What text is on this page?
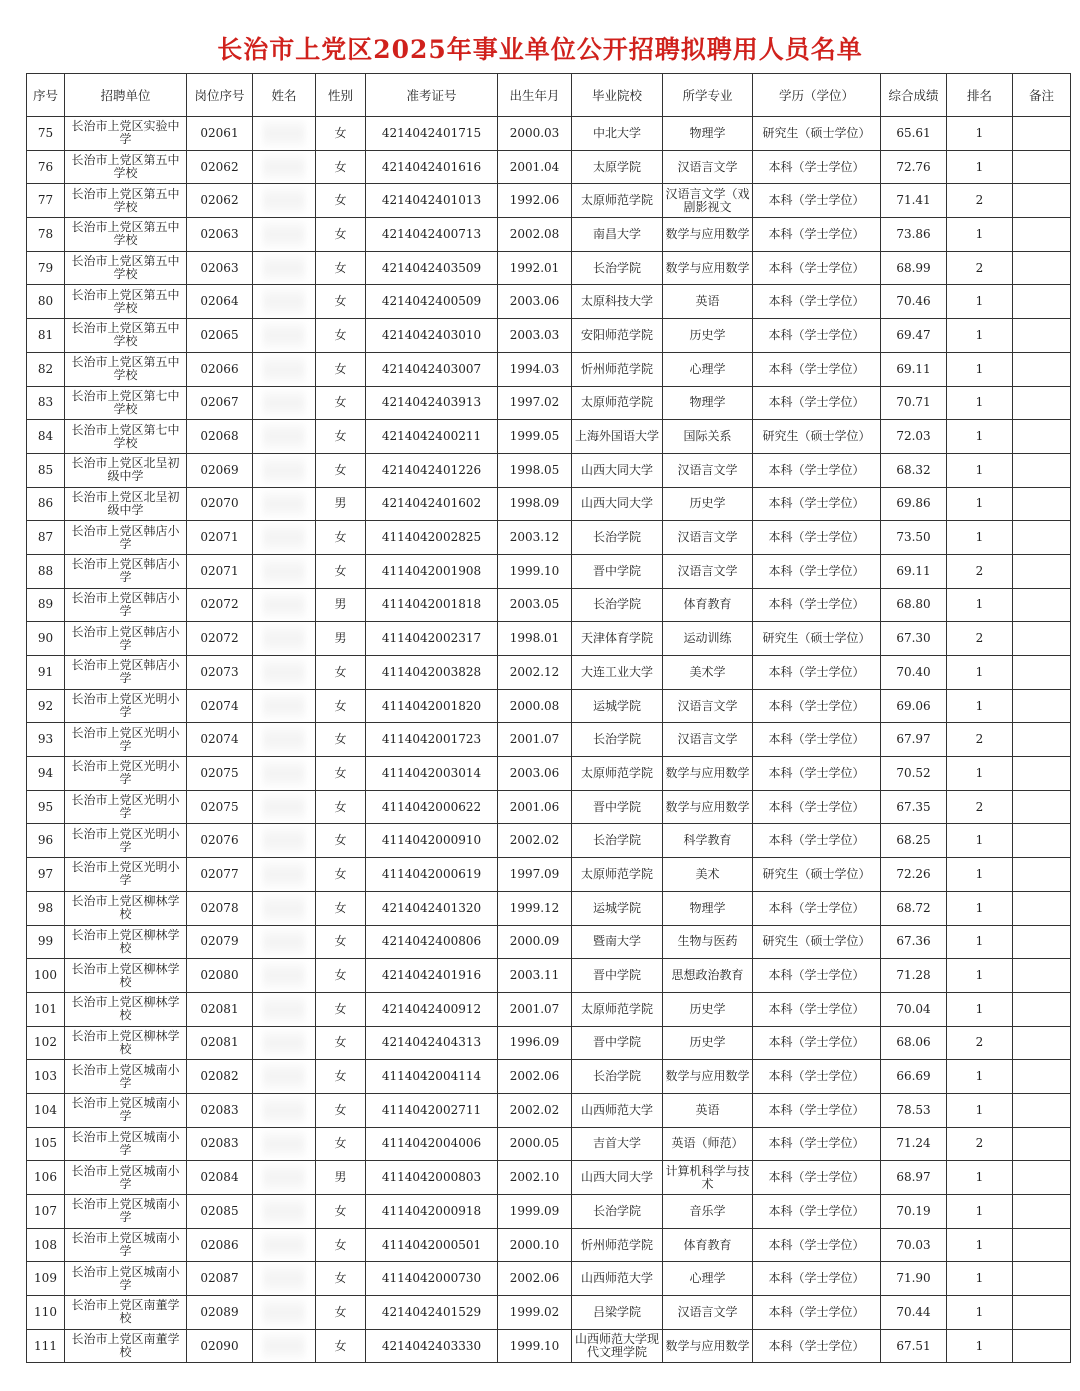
长治市上党区2025年事业单位公开招聘拟聘用人员名单
序号	招聘单位	岗位序号	姓名	性别	准考证号	出生年月	毕业院校	所学专业	学历（学位）	综合成绩	排名	备注
75	长治市上党区实验中学	02061		女	4214042401715	2000.03	中北大学	物理学	研究生（硕士学位）	65.61	1	
76	长治市上党区第五中学校	02062		女	4214042401616	2001.04	太原学院	汉语言文学	本科（学士学位）	72.76	1	
77	长治市上党区第五中学校	02062		女	4214042401013	1992.06	太原师范学院	汉语言文学（戏剧影视文	本科（学士学位）	71.41	2	
78	长治市上党区第五中学校	02063		女	4214042400713	2002.08	南昌大学	数学与应用数学	本科（学士学位）	73.86	1	
79	长治市上党区第五中学校	02063		女	4214042403509	1992.01	长治学院	数学与应用数学	本科（学士学位）	68.99	2	
80	长治市上党区第五中学校	02064		女	4214042400509	2003.06	太原科技大学	英语	本科（学士学位）	70.46	1	
81	长治市上党区第五中学校	02065		女	4214042403010	2003.03	安阳师范学院	历史学	本科（学士学位）	69.47	1	
82	长治市上党区第五中学校	02066		女	4214042403007	1994.03	忻州师范学院	心理学	本科（学士学位）	69.11	1	
83	长治市上党区第七中学校	02067		女	4214042403913	1997.02	太原师范学院	物理学	本科（学士学位）	70.71	1	
84	长治市上党区第七中学校	02068		女	4214042400211	1999.05	上海外国语大学	国际关系	研究生（硕士学位）	72.03	1	
85	长治市上党区北呈初级中学	02069		女	4214042401226	1998.05	山西大同大学	汉语言文学	本科（学士学位）	68.32	1	
86	长治市上党区北呈初级中学	02070		男	4214042401602	1998.09	山西大同大学	历史学	本科（学士学位）	69.86	1	
87	长治市上党区韩店小学	02071		女	4114042002825	2003.12	长治学院	汉语言文学	本科（学士学位）	73.50	1	
88	长治市上党区韩店小学	02071		女	4114042001908	1999.10	晋中学院	汉语言文学	本科（学士学位）	69.11	2	
89	长治市上党区韩店小学	02072		男	4114042001818	2003.05	长治学院	体育教育	本科（学士学位）	68.80	1	
90	长治市上党区韩店小学	02072		男	4114042002317	1998.01	天津体育学院	运动训练	研究生（硕士学位）	67.30	2	
91	长治市上党区韩店小学	02073		女	4114042003828	2002.12	大连工业大学	美术学	本科（学士学位）	70.40	1	
92	长治市上党区光明小学	02074		女	4114042001820	2000.08	运城学院	汉语言文学	本科（学士学位）	69.06	1	
93	长治市上党区光明小学	02074		女	4114042001723	2001.07	长治学院	汉语言文学	本科（学士学位）	67.97	2	
94	长治市上党区光明小学	02075		女	4114042003014	2003.06	太原师范学院	数学与应用数学	本科（学士学位）	70.52	1	
95	长治市上党区光明小学	02075		女	4114042000622	2001.06	晋中学院	数学与应用数学	本科（学士学位）	67.35	2	
96	长治市上党区光明小学	02076		女	4114042000910	2002.02	长治学院	科学教育	本科（学士学位）	68.25	1	
97	长治市上党区光明小学	02077		女	4114042000619	1997.09	太原师范学院	美术	研究生（硕士学位）	72.26	1	
98	长治市上党区柳林学校	02078		女	4214042401320	1999.12	运城学院	物理学	本科（学士学位）	68.72	1	
99	长治市上党区柳林学校	02079		女	4214042400806	2000.09	暨南大学	生物与医药	研究生（硕士学位）	67.36	1	
100	长治市上党区柳林学校	02080		女	4214042401916	2003.11	晋中学院	思想政治教育	本科（学士学位）	71.28	1	
101	长治市上党区柳林学校	02081		女	4214042400912	2001.07	太原师范学院	历史学	本科（学士学位）	70.04	1	
102	长治市上党区柳林学校	02081		女	4214042404313	1996.09	晋中学院	历史学	本科（学士学位）	68.06	2	
103	长治市上党区城南小学	02082		女	4114042004114	2002.06	长治学院	数学与应用数学	本科（学士学位）	66.69	1	
104	长治市上党区城南小学	02083		女	4114042002711	2002.02	山西师范大学	英语	本科（学士学位）	78.53	1	
105	长治市上党区城南小学	02083		女	4114042004006	2000.05	吉首大学	英语（师范）	本科（学士学位）	71.24	2	
106	长治市上党区城南小学	02084		男	4114042000803	2002.10	山西大同大学	计算机科学与技术	本科（学士学位）	68.97	1	
107	长治市上党区城南小学	02085		女	4114042000918	1999.09	长治学院	音乐学	本科（学士学位）	70.19	1	
108	长治市上党区城南小学	02086		女	4114042000501	2000.10	忻州师范学院	体育教育	本科（学士学位）	70.03	1	
109	长治市上党区城南小学	02087		女	4114042000730	2002.06	山西师范大学	心理学	本科（学士学位）	71.90	1	
110	长治市上党区南董学校	02089		女	4214042401529	1999.02	吕梁学院	汉语言文学	本科（学士学位）	70.44	1	
111	长治市上党区南董学校	02090		女	4214042403330	1999.10	山西师范大学现代文理学院	数学与应用数学	本科（学士学位）	67.51	1	
